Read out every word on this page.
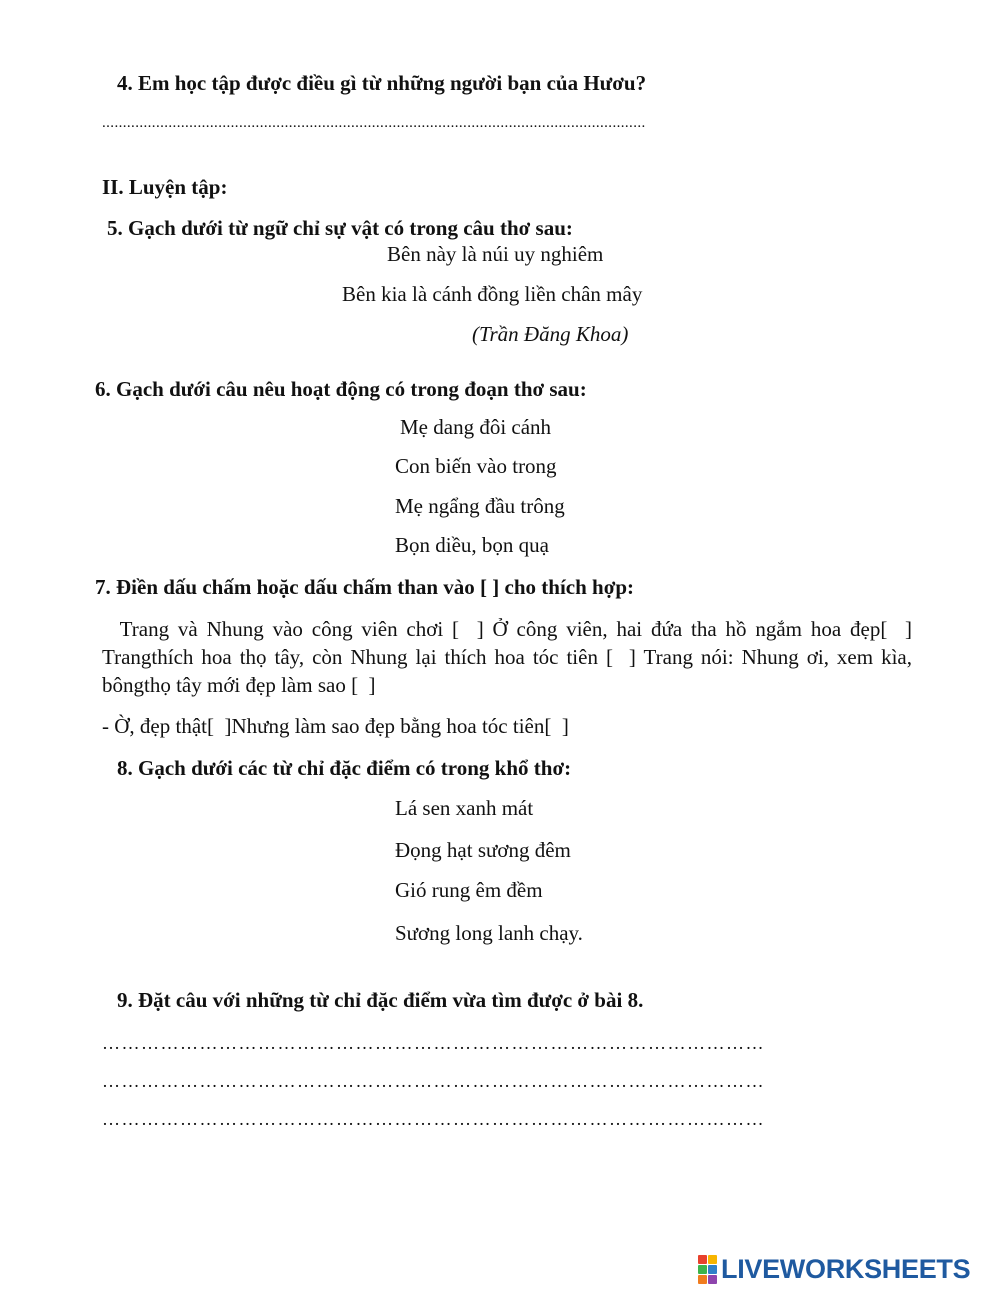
4. Em học tập được điều gì từ những người bạn của Hươu?
...................................................................................................................................
II. Luyện tập:
5. Gạch dưới từ ngữ chỉ sự vật có trong câu thơ sau:
Bên này là núi uy nghiêm
Bên kia là cánh đồng liền chân mây
(Trần Đăng Khoa)
6. Gạch dưới câu nêu hoạt động có trong đoạn thơ sau:
Mẹ dang đôi cánh
Con biến vào trong
Mẹ ngẩng đầu trông
Bọn diều, bọn quạ
7. Điền dấu chấm hoặc dấu chấm than vào [ ] cho thích hợp:
Trang và Nhung vào công viên chơi [  ] Ở công viên, hai đứa tha hồ ngắm hoa đẹp[  ] Trangthích hoa thọ tây, còn Nhung lại thích hoa tóc tiên [  ] Trang nói: Nhung ơi, xem kìa, bôngthọ tây mới đẹp làm sao [  ]
- Ờ, đẹp thật[  ]Nhưng làm sao đẹp bằng hoa tóc tiên[  ]
8. Gạch dưới các từ chỉ đặc điểm có trong khổ thơ:
Lá sen xanh mát
Đọng hạt sương đêm
Gió rung êm đềm
Sương long lanh chạy.
9. Đặt câu với những từ chỉ đặc điểm vừa tìm được ở bài 8.
…………………………………………………………………………………………
…………………………………………………………………………………………
…………………………………………………………………………………………
LIVEWORKSHEETS
